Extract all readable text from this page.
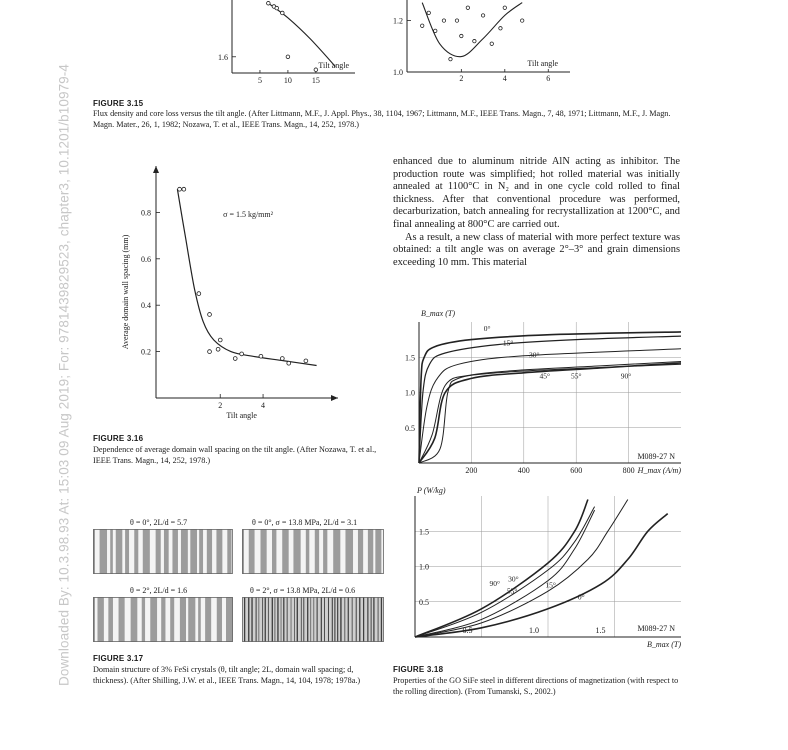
Downloaded By: 10.3.98.93 At: 15:03 09 Aug 2019; For: 9781439829523, chapter3, 10.1201/b10979-4	5	10 15
1.6
Tilt angle
2	4	6
1.0
1.2
Tilt angle
FIGURE 3.15
Flux density and core loss versus the tilt angle. (After Littmann, M.F., J. Appl. Phys., 38, 1104, 1967; Littmann, M.F., IEEE Trans. Magn., 7, 48, 1971; Littmann, M.F., J. Magn. Magn. Mater., 26, 1, 1982; Nozawa, T. et al., IEEE Trans. Magn., 14, 252, 1978.)
2	4
0.2
0.4
0.6
0.8
Tilt angle
Average domain wall spacing (mm)
σ = 1.5 kg/mm²
FIGURE 3.16
Dependence of average domain wall spacing on the tilt angle. (After Nozawa, T. et al., IEEE Trans. Magn., 14, 252, 1978.)

enhanced due to aluminum nitride AlN acting as inhibitor. The production route was simplified; hot rolled material was initially annealed at 1100°C in N₂ and in one cycle cold rolled to final thickness. After that conventional procedure was performed, decarburization, batch annealing for recrystallization at 1200°C, and final annealing at 800°C are carried out.

As a result, a new class of material with more perfect texture was obtained: a tilt angle was on average 2°–3° and grain dimensions exceeding 10 mm. This material

200	400	600	800
0.5
1.0
1.5
B_max (T)
H_max (A/m)
M089-27 N
0°
15°
30°
45°	55°	90°
0.5	1.0	1.5
0.5
1.0
1.5
P (W/kg)
B_max (T)
M089-27 N
0°
15°
30°
55°
90°
θ = 0°, 2L/d = 5.7	θ = 0°, σ = 13.8 MPa, 2L/d = 3.1
θ = 2°, 2L/d = 1.6	θ = 2°, σ = 13.8 MPa, 2L/d = 0.6
FIGURE 3.17
Domain structure of 3% FeSi crystals (θ, tilt angle; 2L, domain wall spacing; d, thickness). (After Shilling, J.W. et al., IEEE Trans. Magn., 14, 104, 1978; 1978a.)
FIGURE 3.18
Properties of the GO SiFe steel in different directions of magnetization (with respect to the rolling direction). (From Tumanski, S., 2002.)
